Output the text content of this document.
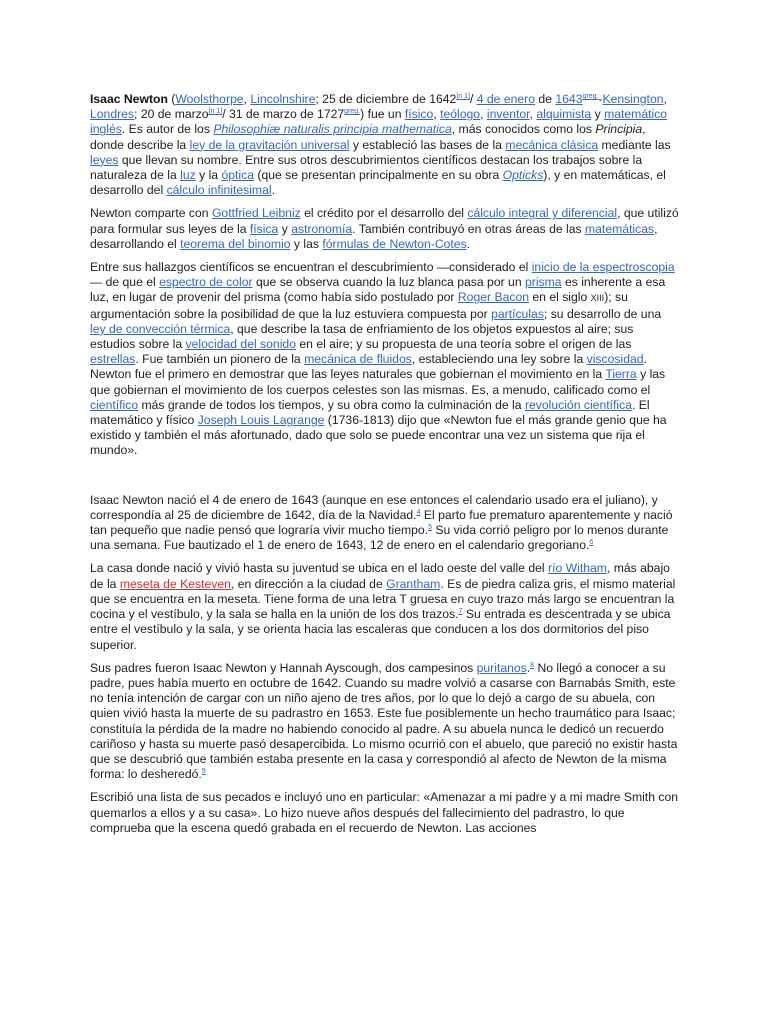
Isaac Newton (Woolsthorpe, Lincolnshire; 25 de diciembre de 1642[n 1]/ 4 de enero de $1643^{greg.}$-Kensington, Londres; 20 de marzo[n 1]/ 31 de marzo de $1727^{greg.}$) fue un físico, teólogo, inventor, alquimista y matemático inglés. Es autor de los Philosophiæ naturalis principia mathematica, más conocidos como los Principia, donde describe la ley de la gravitación universal y estableció las bases de la mecánica clásica mediante las leyes que llevan su nombre. Entre sus otros descubrimientos científicos destacan los trabajos sobre la naturaleza de la luz y la óptica (que se presentan principalmente en su obra Opticks), y en matemáticas, el desarrollo del cálculo infinitesimal.

Newton comparte con Gottfried Leibniz el crédito por el desarrollo del cálculo integral y diferencial, que utilizó para formular sus leyes de la física y astronomía. También contribuyó en otras áreas de las matemáticas, desarrollando el teorema del binomio y las fórmulas de Newton-Cotes.

Entre sus hallazgos científicos se encuentran el descubrimiento —considerado el inicio de la espectroscopia— de que el espectro de color que se observa cuando la luz blanca pasa por un prisma es inherente a esa luz, en lugar de provenir del prisma (como había sido postulado por Roger Bacon en el siglo XIII); su argumentación sobre la posibilidad de que la luz estuviera compuesta por partículas; su desarrollo de una ley de convección térmica, que describe la tasa de enfriamiento de los objetos expuestos al aire; sus estudios sobre la velocidad del sonido en el aire; y su propuesta de una teoría sobre el origen de las estrellas. Fue también un pionero de la mecánica de fluidos, estableciendo una ley sobre la viscosidad. Newton fue el primero en demostrar que las leyes naturales que gobiernan el movimiento en la Tierra y las que gobiernan el movimiento de los cuerpos celestes son las mismas. Es, a menudo, calificado como el científico más grande de todos los tiempos, y su obra como la culminación de la revolución científica. El matemático y físico Joseph Louis Lagrange (1736-1813) dijo que «Newton fue el más grande genio que ha existido y también el más afortunado, dado que solo se puede encontrar una vez un sistema que rija el mundo».

Isaac Newton nació el 4 de enero de 1643 (aunque en ese entonces el calendario usado era el juliano), y correspondía al 25 de diciembre de 1642, día de la Navidad.$^4$ El parto fue prematuro aparentemente y nació tan pequeño que nadie pensó que lograría vivir mucho tiempo.$^5$ Su vida corrió peligro por lo menos durante una semana. Fue bautizado el 1 de enero de 1643, 12 de enero en el calendario gregoriano.$^6$

La casa donde nació y vivió hasta su juventud se ubica en el lado oeste del valle del río Witham, más abajo de la meseta de Kesteven, en dirección a la ciudad de Grantham. Es de piedra caliza gris, el mismo material que se encuentra en la meseta. Tiene forma de una letra T gruesa en cuyo trazo más largo se encuentran la cocina y el vestíbulo, y la sala se halla en la unión de los dos trazos.$^7$ Su entrada es descentrada y se ubica entre el vestíbulo y la sala, y se orienta hacia las escaleras que conducen a los dos dormitorios del piso superior.

Sus padres fueron Isaac Newton y Hannah Ayscough, dos campesinos puritanos.$^8$ No llegó a conocer a su padre, pues había muerto en octubre de 1642. Cuando su madre volvió a casarse con Barnabás Smith, este no tenía intención de cargar con un niño ajeno de tres años, por lo que lo dejó a cargo de su abuela, con quien vivió hasta la muerte de su padrastro en 1653. Este fue posiblemente un hecho traumático para Isaac; constituía la pérdida de la madre no habiendo conocido al padre. A su abuela nunca le dedicó un recuerdo cariñoso y hasta su muerte pasó desapercibida. Lo mismo ocurrió con el abuelo, que pareció no existir hasta que se descubrió que también estaba presente en la casa y correspondió al afecto de Newton de la misma forma: lo desheredó.$^9$

Escribió una lista de sus pecados e incluyó uno en particular: «Amenazar a mi padre y a mi madre Smith con quemarlos a ellos y a su casa». Lo hizo nueve años después del fallecimiento del padrastro, lo que comprueba que la escena quedó grabada en el recuerdo de Newton. Las acciones
